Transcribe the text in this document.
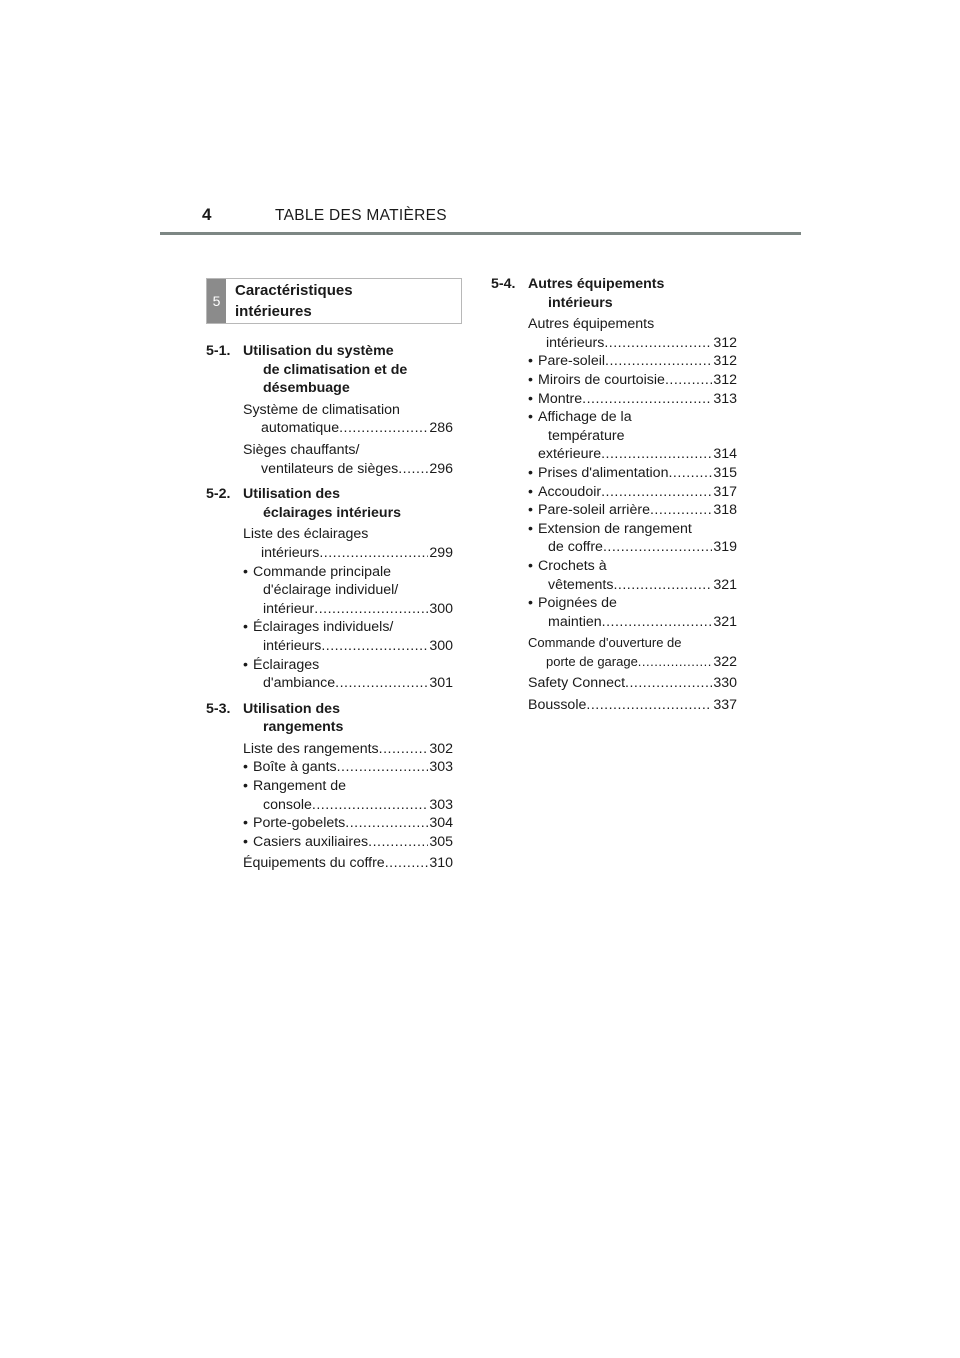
4	TABLE DES MATIÈRES
5
Caractéristiques
intérieures
5-1. Utilisation du système
de climatisation et de
désembuage
Système de climatisation
automatique .....	286
Sièges chauffants/
ventilateurs de sièges ..... 296
5-2. Utilisation des
éclairages intérieurs
Liste des éclairages
intérieurs .....	299
• Commande principale
d'éclairage individuel/
intérieur .....	300
• Éclairages individuels/
intérieurs .....	300
• Éclairages
d'ambiance .....	301
5-3. Utilisation des
rangements
Liste des rangements .....	302
• Boîte à gants .....	303
• Rangement de
console .....	303
• Porte-gobelets .....	304
• Casiers auxiliaires .....	305
Équipements du coffre .....	310
5-4. Autres équipements
intérieurs
Autres équipements
intérieurs .....	312
• Pare-soleil .....	312
• Miroirs de courtoisie .....	312
• Montre .....	313
• Affichage de la
température
extérieure .....	314
• Prises d'alimentation .....	315
• Accoudoir .....	317
• Pare-soleil arrière .....	318
• Extension de rangement
de coffre .....	319
• Crochets à
vêtements .....	321
• Poignées de
maintien .....	321
Commande d'ouverture de
porte de garage .....	322
Safety Connect .....	330
Boussole .....	337
